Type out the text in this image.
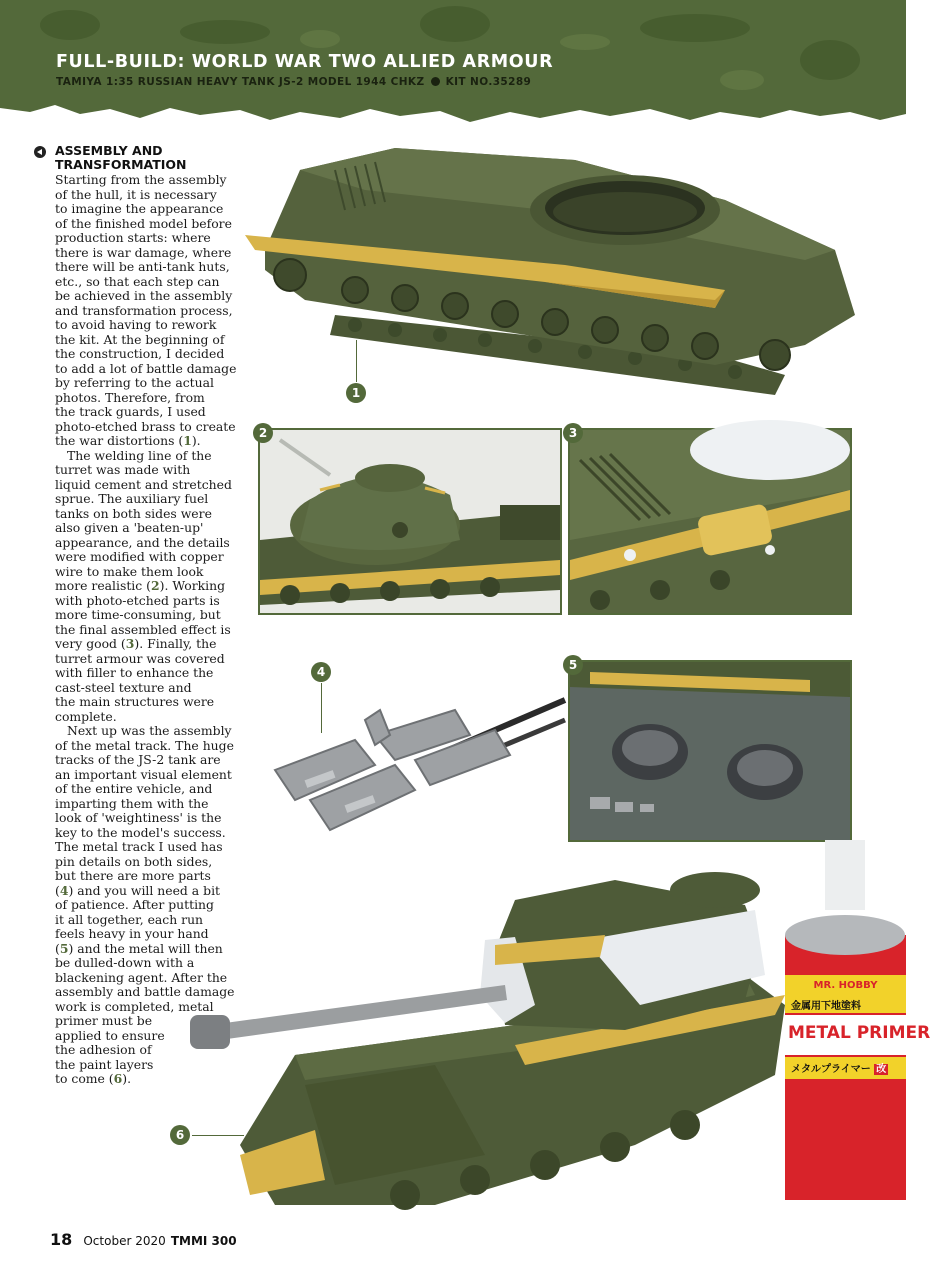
FULL-BUILD: WORLD WAR TWO ALLIED ARMOUR
TAMIYA 1:35 RUSSIAN HEAVY TANK JS-2 MODEL 1944 CHKZ KIT NO.35289
ASSEMBLY AND TRANSFORMATION

Starting from the assembly
of the hull, it is necessary
to imagine the appearance
of the finished model before
production starts: where
there is war damage, where
there will be anti-tank huts,
etc., so that each step can
be achieved in the assembly
and transformation process,
to avoid having to rework
the kit. At the beginning of
the construction, I decided
to add a lot of battle damage
by referring to the actual
photos. Therefore, from
the track guards, I used
photo-etched brass to create
the war distortions (1).

The welding line of the
turret was made with
liquid cement and stretched
sprue. The auxiliary fuel
tanks on both sides were
also given a 'beaten-up'
appearance, and the details
were modified with copper
wire to make them look
more realistic (2). Working
with photo-etched parts is
more time-consuming, but
the final assembled effect is
very good (3). Finally, the
turret armour was covered
with filler to enhance the
cast-steel texture and
the main structures were
complete.

Next up was the assembly
of the metal track. The huge
tracks of the JS-2 tank are
an important visual element
of the entire vehicle, and
imparting them with the
look of 'weightiness' is the
key to the model's success.
The metal track I used has
pin details on both sides,
but there are more parts
(4) and you will need a bit
of patience. After putting
it all together, each run
feels heavy in your hand
(5) and the metal will then
be dulled-down with a
blackening agent. After the
assembly and battle damage
work is completed, metal
primer must be
applied to ensure
the adhesion of
the paint layers
to come (6).

1
2	3
4	5
MR. HOBBY
金属用下地塗料
METAL PRIMER
メタルプライマー 改
6
18 October 2020 TMMI 300
